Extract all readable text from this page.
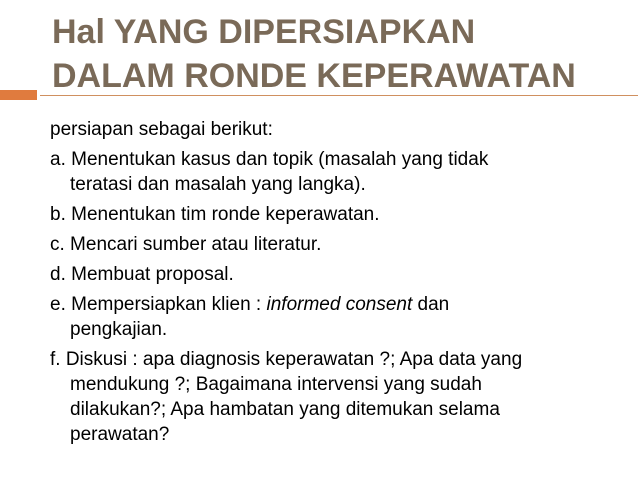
Hal YANG DIPERSIAPKAN
DALAM RONDE KEPERAWATAN
persiapan sebagai berikut:
a. Menentukan kasus dan topik (masalah yang tidak
teratasi dan masalah yang langka).
b. Menentukan tim ronde keperawatan.
c. Mencari sumber atau literatur.
d. Membuat proposal.
e. Mempersiapkan klien : informed consent dan
pengkajian.
f. Diskusi : apa diagnosis keperawatan ?; Apa data yang
mendukung ?; Bagaimana intervensi yang sudah
dilakukan?; Apa hambatan yang ditemukan selama
perawatan?
